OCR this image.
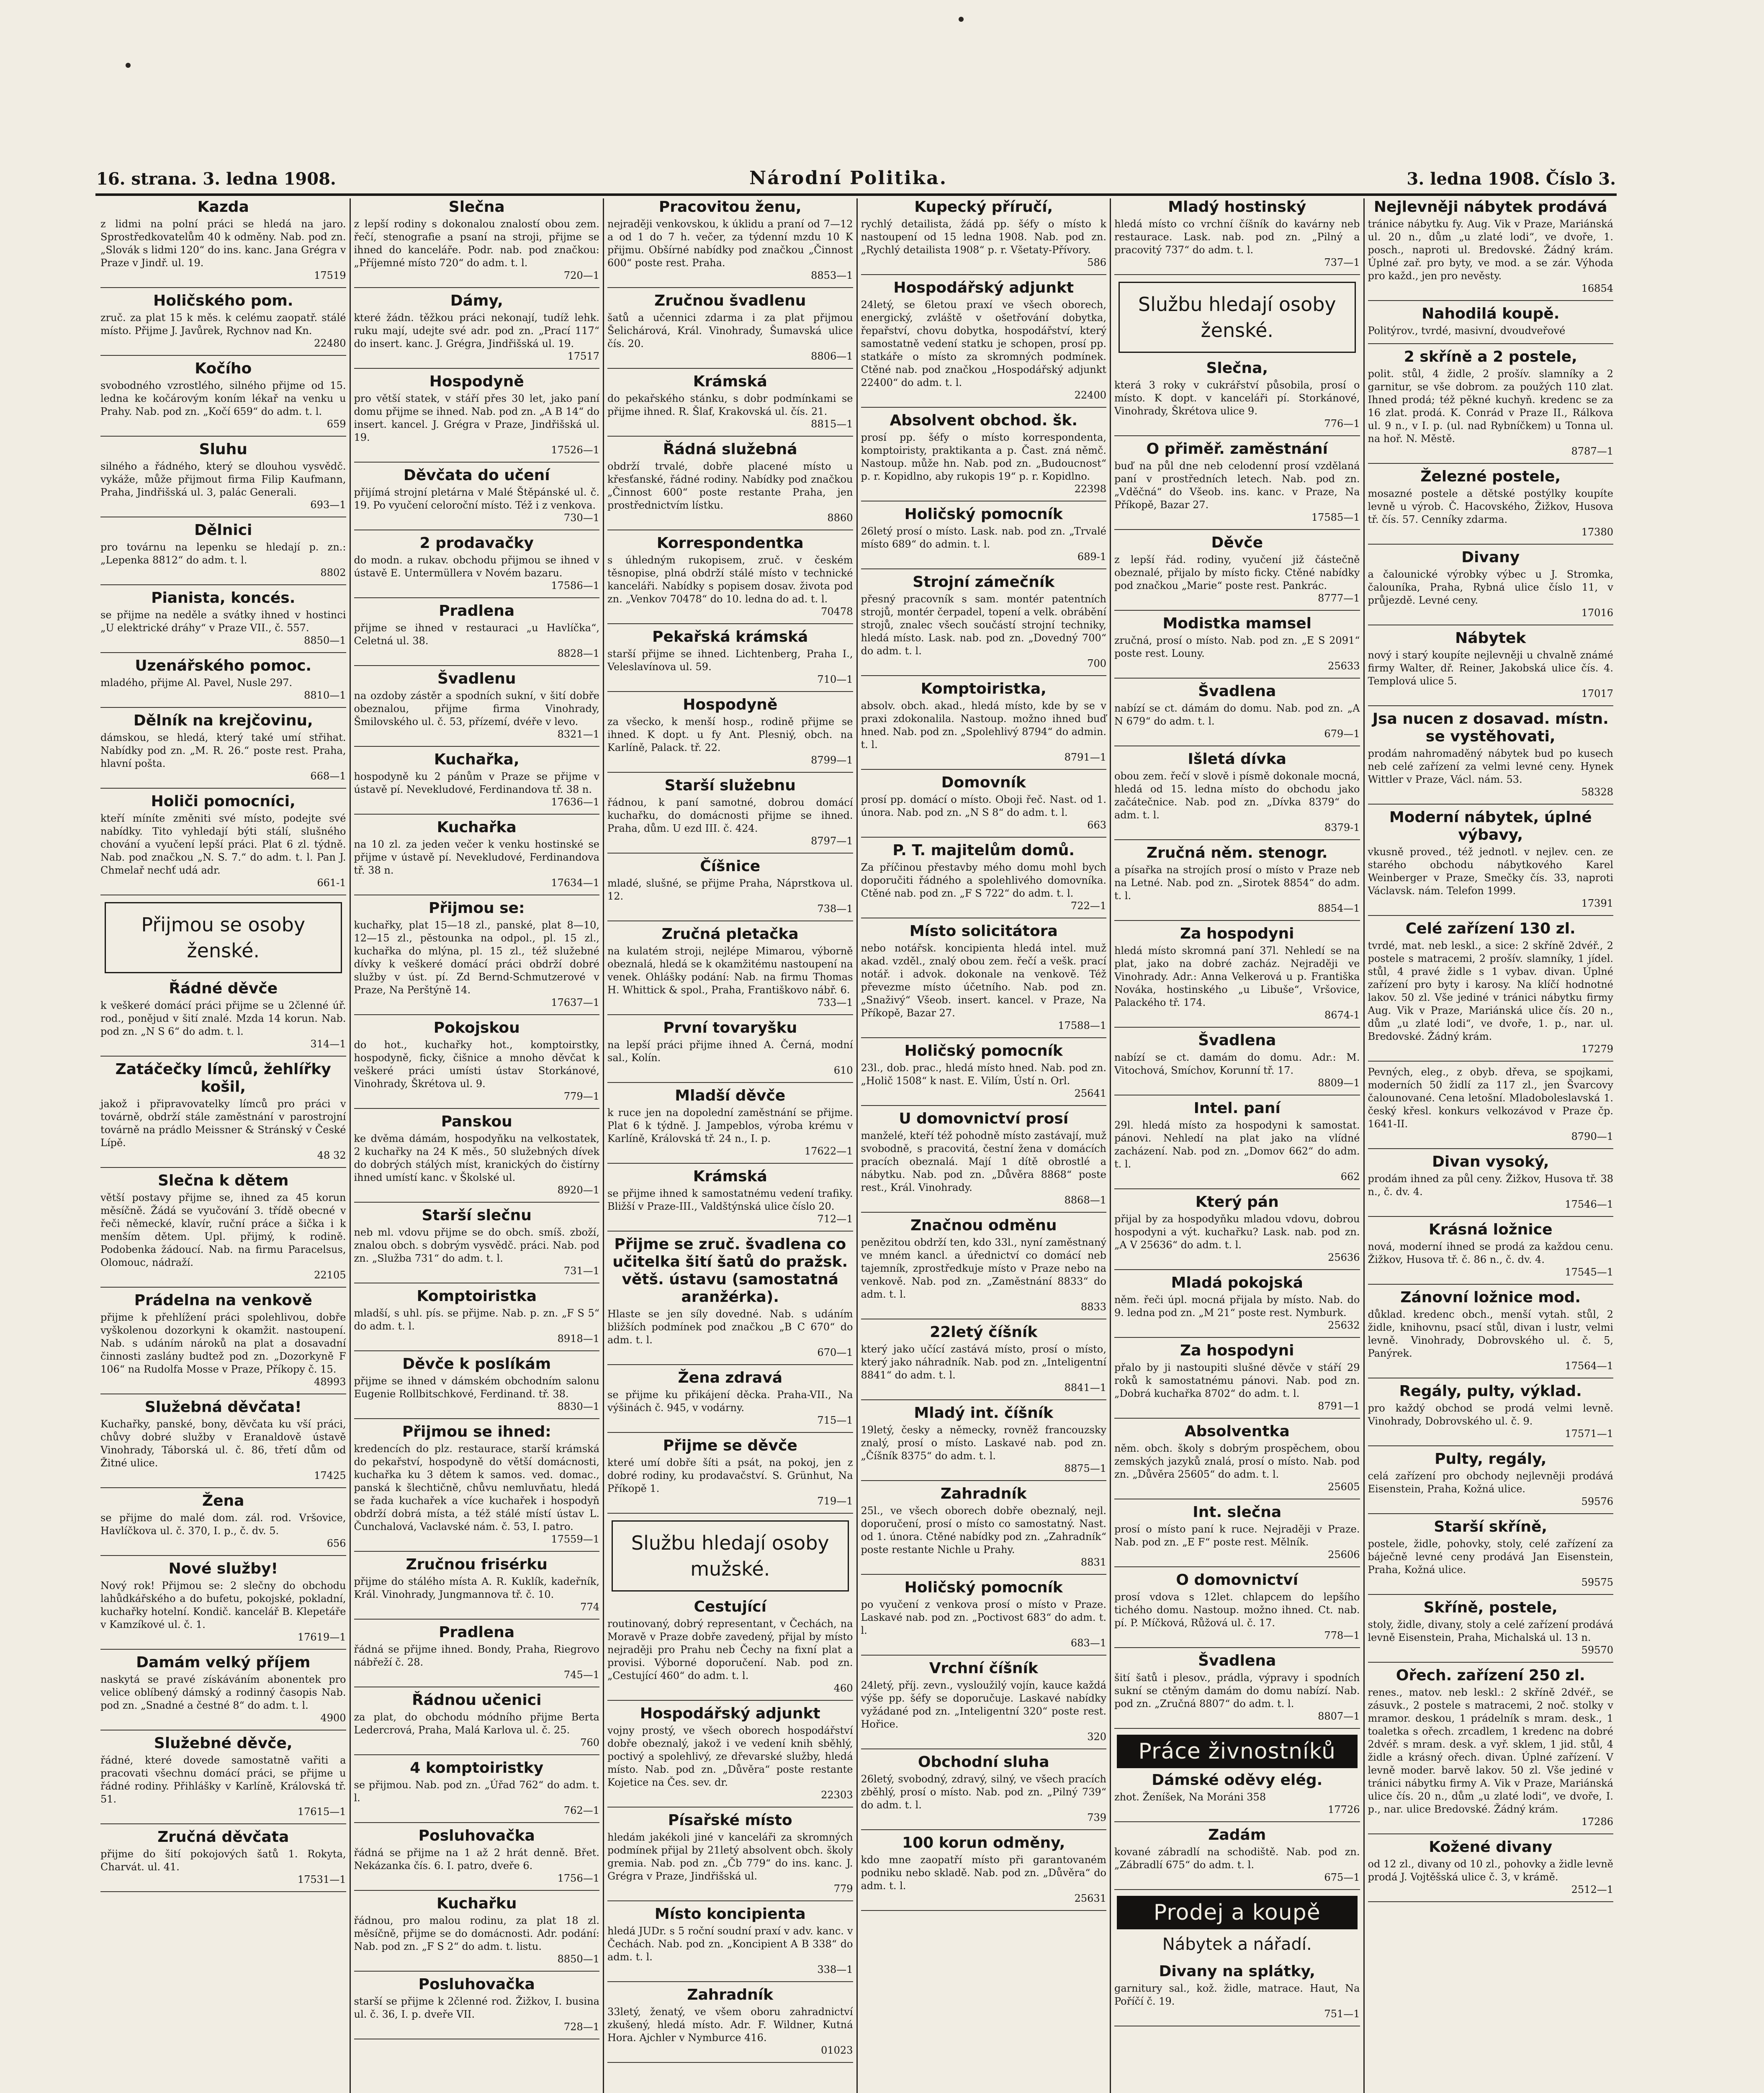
16. strana. 3. ledna 1908.	Národní Politika.	3. ledna 1908. Číslo 3.
Kazda

z lidmi na polní práci se hledá na jaro. Sprostředkovatelům 40 k odměny. Nab. pod zn. „Slovák s lidmi 120“ do ins. kanc. Jana Grégra v Praze v Jindř. ul. 19.

17519
Holičského pom.

zruč. za plat 15 k měs. k celému zaopatř. stálé místo. Přijme J. Javůrek, Rychnov nad Kn.

22480
Kočího

svobodného vzrostlého, silného přijme od 15. ledna ke kočárovým koním lékař na venku u Prahy. Nab. pod zn. „Kočí 659“ do adm. t. l.

659
Sluhu

silného a řádného, který se dlouhou vysvědč. vykáže, může přijmout firma Filip Kaufmann, Praha, Jindřišská ul. 3, palác Generali.

693—1
Dělnici

pro továrnu na lepenku se hledají p. zn.: „Lepenka 8812“ do adm. t. l.

8802
Pianista, koncés.

se přijme na neděle a svátky ihned v hostinci „U elektrické dráhy“ v Praze VII., č. 557.

8850—1
Uzenářského pomoc.

mladého, přijme Al. Pavel, Nusle 297.

8810—1
Dělník na krejčovinu,

dámskou, se hledá, který také umí střihat. Nabídky pod zn. „M. R. 26.“ poste rest. Praha, hlavní pošta.

668—1
Holiči pomocníci,

kteří míníte změniti své místo, podejte své nabídky. Tito vyhledají býti stálí, slušného chování a vyučení lepší práci. Plat 6 zl. týdně. Nab. pod značkou „N. S. 7.“ do adm. t. l. Pan J. Chmelař nechť udá adr.

661-1
Přijmou se osoby ženské.
Řádné děvče

k veškeré domácí práci přijme se u 2členné úř. rod., ponějud v šití znalé. Mzda 14 korun. Nab. pod zn. „N S 6“ do adm. t. l.

314—1
Zatáčečky límců, žehlířky košil,

jakož i připravovatelky límců pro práci v továrně, obdrží stále zaměstnání v parostrojní továrně na prádlo Meissner & Stránský v České Lípě.

48 32
Slečna k dětem

větší postavy přijme se, ihned za 45 korun měsíčně. Žádá se vyučování 3. třídě obecné v řeči německé, klavír, ruční práce a šička i k menším dětem. Upl. přijmý, k rodině. Podobenka žádoucí. Nab. na firmu Paracelsus, Olomouc, nádraží.

22105
Prádelna na venkově

přijme k přehlížení práci spolehlivou, dobře vyškolenou dozorkyni k okamžit. nastoupení. Nab. s udáním nároků na plat a dosavadní činnosti zaslány budtež pod zn. „Dozorkyně F 106“ na Rudolfa Mosse v Praze, Příkopy č. 15.

48993
Služebná děvčata!

Kuchařky, panské, bony, děvčata ku vší práci, chůvy dobré služby v Eranaldově ústavě Vinohrady, Táborská ul. č. 86, třetí dům od Žitné ulice.

17425
Žena

se přijme do malé dom. zál. rod. Vršovice, Havlíčkova ul. č. 370, I. p., č. dv. 5.

656
Nové služby!

Nový rok! Přijmou se: 2 slečny do obchodu lahůdkářského a do bufetu, pokojské, pokladní, kuchařky hotelní. Kondič. kancelář B. Klepetáře v Kamzíkové ul. č. 1.

17619—1
Damám velký příjem

naskytá se pravé získáváním abonentek pro velice oblíbený dámský a rodinný časopis Nab. pod zn. „Snadné a čestné 8“ do adm. t. l.

4900
Služebné děvče,

řádné, které dovede samostatně vařiti a pracovati všechnu domácí práci, se přijme u řádné rodiny. Přihlášky v Karlíně, Královská tř. 51.

17615—1
Zručná děvčata

přijme do šití pokojových šatů 1. Rokyta, Charvát. ul. 41.

17531—1
Slečna

z lepší rodiny s dokonalou znalostí obou zem. řečí, stenografie a psaní na stroji, přijme se ihned do kanceláře. Podr. nab. pod značkou: „Příjemné místo 720“ do adm. t. l.

720—1
Dámy,

které žádn. těžkou práci nekonají, tudíž lehk. ruku mají, udejte své adr. pod zn. „Prací 117“ do insert. kanc. J. Grégra, Jindřišská ul. 19.

17517
Hospodyně

pro větší statek, v stáří přes 30 let, jako paní domu přijme se ihned. Nab. pod zn. „A B 14“ do insert. kancel. J. Grégra v Praze, Jindřišská ul. 19.

17526—1
Děvčata do učení

přijímá strojní pletárna v Malé Štěpánské ul. č. 19. Po vyučení celoroční místo. Též i z venkova.

730—1
2 prodavačky

do modn. a rukav. obchodu přijmou se ihned v ústavě E. Untermüllera v Novém bazaru.

17586—1
Pradlena

přijme se ihned v restauraci „u Havlíčka“, Celetná ul. 38.

8828—1
Švadlenu

na ozdoby zástěr a spodních sukní, v šití dobře obeznalou, přijme firma Vinohrady, Šmilovského ul. č. 53, přízemí, dvéře v levo.

8321—1
Kuchařka,

hospodyně ku 2 pánům v Praze se přijme v ústavě pí. Nevekludové, Ferdinandova tř. 38 n.

17636—1
Kuchařka

na 10 zl. za jeden večer k venku hostinské se přijme v ústavě pí. Nevekludové, Ferdinandova tř. 38 n.

17634—1
Přijmou se:

kuchařky, plat 15—18 zl., panské, plat 8—10, 12—15 zl., pěstounka na odpol., pl. 15 zl., kuchařka do mlýna, pl. 15 zl., též služebné dívky k veškeré domácí práci obdrží dobré služby v úst. pí. Zd Bernd-Schmutzerové v Praze, Na Perštýně 14.

17637—1
Pokojskou

do hot., kuchařky hot., komptoirstky, hospodyně, ficky, čišnice a mnoho děvčat k veškeré práci umísti ústav Storkánové, Vinohrady, Škrétova ul. 9.

779—1
Panskou

ke dvěma dámám, hospodyňku na velkostatek, 2 kuchařky na 24 K měs., 50 služebných dívek do dobrých stálých míst, kranických do čistírny ihned umístí kanc. v Školské ul.

8920—1
Starší slečnu

neb ml. vdovu přijme se do obch. smíš. zboží, znalou obch. s dobrým vysvědč. práci. Nab. pod zn. „Služba 731“ do adm. t. l.

731—1
Komptoiristka

mladší, s uhl. pís. se přijme. Nab. p. zn. „F S 5“ do adm. t. l.

8918—1
Děvče k poslíkám

přijme se ihned v dámském obchodním salonu Eugenie Rollbitschkové, Ferdinand. tř. 38.

8830—1
Přijmou se ihned:

kredencích do plz. restaurace, starší krámská do pekařství, hospodyně do větší domácnosti, kuchařka ku 3 dětem k samos. ved. domac., panská k šlechtičně, chůvu nemluvňatu, hledá se řada kuchařek a více kuchařek i hospodyň obdrží dobrá místa, a též stálé místí ústav L. Čunchalová, Vaclavské nám. č. 53, I. patro.

17559—1
Zručnou frisérku

přijme do stálého místa A. R. Kuklík, kadeřník, Král. Vinohrady, Jungmannova tř. č. 10.

774
Pradlena

řádná se přijme ihned. Bondy, Praha, Riegrovo nábřeží č. 28.

745—1
Řádnou učenici

za plat, do obchodu módního přijme Berta Ledercrová, Praha, Malá Karlova ul. č. 25.

760
4 komptoiristky

se přijmou. Nab. pod zn. „Úřad 762“ do adm. t. l.

762—1
Posluhovačka

řádná se přijme na 1 až 2 hrát denně. Břet. Nekázanka čís. 6. I. patro, dveře 6.

1756—1
Kuchařku

řádnou, pro malou rodinu, za plat 18 zl. měsíčně, přijme se do domácnosti. Adr. podání: Nab. pod zn. „F S 2“ do adm. t. listu.

8850—1
Posluhovačka

starší se přijme k 2členné rod. Žižkov, I. busina ul. č. 36, I. p. dveře VII.

728—1
Pracovitou ženu,

nejraději venkovskou, k úklidu a praní od 7—12 a od 1 do 7 h. večer, za týdenní mzdu 10 K přijmu. Obšírné nabídky pod značkou „Činnost 600“ poste rest. Praha.

8853—1
Zručnou švadlenu

šatů a učennici zdarma i za plat přijmou Šelichárová, Král. Vinohrady, Šumavská ulice čís. 20.

8806—1
Krámská

do pekařského stánku, s dobr podmínkami se přijme ihned. R. Šlaf, Krakovská ul. čís. 21.

8815—1
Řádná služebná

obdrží trvalé, dobře placené místo u křesťanské, řádné rodiny. Nabídky pod značkou „Činnost 600“ poste restante Praha, jen prostřednictvím lístku.

8860
Korrespondentka

s úhledným rukopisem, zruč. v českém těsnopise, plná obdrží stálé místo v technické kanceláři. Nabídky s popisem dosav. života pod zn. „Venkov 70478“ do 10. ledna do ad. t. l.

70478
Pekařská krámská

starší přijme se ihned. Lichtenberg, Praha I., Veleslavínova ul. 59.

710—1
Hospodyně

za všecko, k menší hosp., rodině přijme se ihned. K dopt. u fy Ant. Plesniý, obch. na Karlíně, Palack. tř. 22.

8799—1
Starší služebnu

řádnou, k paní samotné, dobrou domácí kuchařku, do domácnosti přijme se ihned. Praha, dům. U ezd III. č. 424.

8797—1
Číšnice

mladé, slušné, se přijme Praha, Náprstkova ul. 12.

738—1
Zručná pletačka

na kulatém stroji, nejlépe Mimarou, výborně obeznalá, hledá se k okamžitému nastoupení na venek. Ohlášky podání: Nab. na firmu Thomas H. Whittick & spol., Praha, Františkovo nábř. 6.

733—1
První tovaryšku

na lepší práci přijme ihned A. Černá, modní sal., Kolín.

610
Mladší děvče

k ruce jen na dopolední zaměstnání se přijme. Plat 6 k týdně. J. Jampeblos, výroba krému v Karlíně, Královská tř. 24 n., I. p.

17622—1
Krámská

se přijme ihned k samostatnému vedení trafiky. Bližší v Praze-III., Valdštýnská ulice číslo 20.

712—1
Přijme se zruč. švadlena co učitelka šití šatů do pražsk. větš. ústavu (samostatná aranžérka).

Hlaste se jen síly dovedné. Nab. s udáním bližších podmínek pod značkou „B C 670“ do adm. t. l.

670—1
Žena zdravá

se přijme ku přikájení děcka. Praha-VII., Na výšinách č. 945, v vodárny.

715—1
Přijme se děvče

které umí dobře šíti a psát, na pokoj, jen z dobré rodiny, ku prodavačství. S. Grünhut, Na Příkopě 1.

719—1
Službu hledají osoby mužské.
Cestující

routinovaný, dobrý representant, v Čechách, na Moravě v Praze dobře zavedený, přijal by místo nejraději pro Prahu neb Čechy na fixní plat a provisi. Výborné doporučení. Nab. pod zn. „Cestující 460“ do adm. t. l.

460
Hospodářský adjunkt

vojny prostý, ve všech oborech hospodářství dobře obeznalý, jakož i ve vedení knih sběhlý, poctivý a spolehlivý, ze dřevarské služby, hledá místo. Nab. pod zn. „Důvěra“ poste restante Kojetice na Čes. sev. dr.

22303
Písařské místo

hledám jakékoli jiné v kanceláři za skromných podmínek přijal by 21letý absolvent obch. školy gremia. Nab. pod zn. „Čb 779“ do ins. kanc. J. Grégra v Praze, Jindřišská ul.

779
Místo koncipienta

hledá JUDr. s 5 roční soudní praxí v adv. kanc. v Čechách. Nab. pod zn. „Koncipient A B 338“ do adm. t. l.

338—1
Zahradník

33letý, ženatý, ve všem oboru zahradnictví zkušený, hledá místo. Adr. F. Wildner, Kutná Hora. Ajchler v Nymburce 416.

01023
Kupecký příručí,

rychlý detailista, žádá pp. šéfy o místo k nastoupení od 15 ledna 1908. Nab. pod zn. „Rychlý detailista 1908“ p. r. Všetaty-Přívory.

586
Hospodářský adjunkt

24letý, se 6letou praxí ve všech oborech, energický, zvláště v ošetřování dobytka, řepařství, chovu dobytka, hospodářství, který samostatně vedení statku je schopen, prosí pp. statkáře o místo za skromných podmínek. Ctěné nab. pod značkou „Hospodářský adjunkt 22400“ do adm. t. l.

22400
Absolvent obchod. šk.

prosí pp. šéfy o místo korrespondenta, komptoiristy, praktikanta a p. Čast. zná němč. Nastoup. může hn. Nab. pod zn. „Budoucnost“ p. r. Kopidlno, aby rukopis 19“ p. r. Kopidlno.

22398
Holičský pomocník

26letý prosí o místo. Lask. nab. pod zn. „Trvalé místo 689“ do admin. t. l.

689-1
Strojní zámečník

přesný pracovník s sam. montér patentních strojů, montér čerpadel, topení a velk. obrábění strojů, znalec všech součástí strojní techniky, hledá místo. Lask. nab. pod zn. „Dovedný 700“ do adm. t. l.

700
Komptoiristka,

absolv. obch. akad., hledá místo, kde by se v praxi zdokonalila. Nastoup. možno ihned buď hned. Nab. pod zn. „Spolehlivý 8794“ do admin. t. l.

8791—1
Domovník

prosí pp. domácí o místo. Oboji řeč. Nast. od 1. února. Nab. pod zn. „N S 8“ do adm. t. l.

663
P. T. majitelům domů.

Za příčinou přestavby mého domu mohl bych doporučiti řádného a spolehlivého domovníka. Ctěné nab. pod zn. „F S 722“ do adm. t. l.

722—1
Místo solicitátora

nebo notářsk. koncipienta hledá intel. muž akad. vzděl., znalý obou zem. řečí a vešk. prací notář. i advok. dokonale na venkově. Též převezme místo účetního. Nab. pod zn. „Snaživý“ Všeob. insert. kancel. v Praze, Na Příkopě, Bazar 27.

17588—1
Holičský pomocník

23l., dob. prac., hledá místo hned. Nab. pod zn. „Holič 1508“ k nast. E. Vilím, Ústí n. Orl.

25641
U domovnictví prosí

manželé, kteří též pohodně místo zastávají, muž svobodně, s pracovitá, čestní žena v domácích pracích obeznalá. Mají 1 dítě obrostlé a nábytku. Nab. pod zn. „Důvěra 8868“ poste rest., Král. Vinohrady.

8868—1
Značnou odměnu

penězitou obdrží ten, kdo 33l., nyní zaměstnaný ve mném kancl. a úřednictví co domácí neb tajemník, zprostředkuje místo v Praze nebo na venkově. Nab. pod zn. „Zaměstnání 8833“ do adm. t. l.

8833
22letý číšník

který jako učící zastává místo, prosí o místo, který jako náhradník. Nab. pod zn. „Inteligentní 8841“ do adm. t. l.

8841—1
Mladý int. číšník

19letý, česky a německy, rovněž francouzsky znalý, prosí o místo. Laskavé nab. pod zn. „Číšník 8375“ do adm. t. l.

8875—1
Zahradník

25l., ve všech oborech dobře obeznalý, nejl. doporučení, prosí o místo co samostatný. Nast. od 1. února. Ctěné nabídky pod zn. „Zahradník“ poste restante Nichle u Prahy.

8831
Holičský pomocník

po vyučení z venkova prosí o místo v Praze. Laskavé nab. pod zn. „Poctivost 683“ do adm. t. l.

683—1
Vrchní číšník

24letý, příj. zevn., vysloužilý vojín, kauce každá výše pp. šéfy se doporučuje. Laskavé nabídky vyžádané pod zn. „Inteligentní 320“ poste rest. Hořice.

320
Obchodní sluha

26letý, svobodný, zdravý, silný, ve všech pracích zběhlý, prosí o místo. Nab. pod zn. „Pilný 739“ do adm. t. l.

739
100 korun odměny,

kdo mne zaopatří místo při garantovaném podniku nebo skladě. Nab. pod zn. „Důvěra“ do adm. t. l.

25631
Mladý hostinský

hledá místo co vrchní číšník do kavárny neb restaurace. Lask. nab. pod zn. „Pilný a pracovitý 737“ do adm. t. l.

737—1
Službu hledají osoby ženské.
Slečna,

která 3 roky v cukrářství působila, prosí o místo. K dopt. v kanceláři pí. Storkánové, Vinohrady, Škrétova ulice 9.

776—1
O přiměř. zaměstnání

buď na půl dne neb celodenní prosí vzdělaná paní v prostředních letech. Nab. pod zn. „Vděčná“ do Všeob. ins. kanc. v Praze, Na Příkopě, Bazar 27.

17585—1
Děvče

z lepší řád. rodiny, vyučení již částečně obeznalé, přijalo by místo ficky. Ctěné nabídky pod značkou „Marie“ poste rest. Pankrác.

8777—1
Modistka mamsel

zručná, prosí o místo. Nab. pod zn. „E S 2091“ poste rest. Louny.

25633
Švadlena

nabízí se ct. dámám do domu. Nab. pod zn. „A N 679“ do adm. t. l.

679—1
Išletá dívka

obou zem. řečí v slově i písmě dokonale mocná, hledá od 15. ledna místo do obchodu jako začátečnice. Nab. pod zn. „Dívka 8379“ do adm. t. l.

8379-1
Zručná něm. stenogr.

a písařka na strojích prosí o místo v Praze neb na Letné. Nab. pod zn. „Sirotek 8854“ do adm. t. l.

8854—1
Za hospodyni

hledá místo skromná paní 37l. Nehledí se na plat, jako na dobré zacház. Nejraději ve Vinohrady. Adr.: Anna Velkerová u p. Františka Nováka, hostinského „u Libuše“, Vršovice, Palackého tř. 174.

8674-1
Švadlena

nabízí se ct. damám do domu. Adr.: M. Vitochová, Smíchov, Korunní tř. 17.

8809—1
Intel. paní

29l. hledá místo za hospodyni k samostat. pánovi. Nehledí na plat jako na vlídné zacházení. Nab. pod zn. „Domov 662“ do adm. t. l.

662
Který pán

přijal by za hospodyňku mladou vdovu, dobrou hospodyni a výt. kuchařku? Lask. nab. pod zn. „A V 25636“ do adm. t. l.

25636
Mladá pokojská

něm. řeči úpl. mocná přijala by místo. Nab. do 9. ledna pod zn. „M 21“ poste rest. Nymburk.

25632
Za hospodyni

přalo by ji nastoupiti slušné děvče v stáří 29 roků k samostatnému pánovi. Nab. pod zn. „Dobrá kuchařka 8702“ do adm. t. l.

8791—1
Absolventka

něm. obch. školy s dobrým prospěchem, obou zemských jazyků znalá, prosí o místo. Nab. pod zn. „Důvěra 25605“ do adm. t. l.

25605
Int. slečna

prosí o místo paní k ruce. Nejraději v Praze. Nab. pod zn. „E F“ poste rest. Mělník.

25606
O domovnictví

prosí vdova s 12let. chlapcem do lepšího tichého domu. Nastoup. možno ihned. Ct. nab. pí. P. Míčková, Růžová ul. č. 17.

778—1
Švadlena

šití šatů i plesov., prádla, výpravy i spodních sukní se ctěným damám do domu nabízí. Nab. pod zn. „Zručná 8807“ do adm. t. l.

8807—1
Práce živnostníků
Dámské oděvy elég.

zhot. Ženíšek, Na Moráni 358

17726
Zadám

kované zábradlí na schodiště. Nab. pod zn. „Zábradlí 675“ do adm. t. l.

675—1
Prodej a koupě
Nábytek a nářadí.
Divany na splátky,

garnitury sal., kož. židle, matrace. Haut, Na Poříčí č. 19.

751—1
Nejlevněji nábytek prodává

tránice nábytku fy. Aug. Vik v Praze, Mariánská ul. 20 n., dům „u zlaté lodi“, ve dvoře, 1. posch., naproti ul. Bredovské. Žádný krám. Úplné zař. pro byty, ve mod. a se zár. Výhoda pro každ., jen pro nevěsty.

16854
Nahodilá koupě.

Politýrov., tvrdé, masivní, dvoudveřové

2 skříně a 2 postele,

polit. stůl, 4 židle, 2 prošív. slamníky a 2 garnitur, se vše dobrom. za použých 110 zlat. Ihned prodá; též pěkné kuchyň. kredenc se za 16 zlat. prodá. K. Conrád v Praze II., Rálkova ul. 9 n., v I. p. (ul. nad Rybníčkem) u Tonna ul. na hoř. N. Městě.

8787—1
Železné postele,

mosazné postele a dětské postýlky koupíte levně u výrob. Č. Hacovského, Žižkov, Husova tř. čís. 57. Cenníky zdarma.

17380
Divany

a čalounické výrobky výbec u J. Stromka, čalouníka, Praha, Rybná ulice číslo 11, v průjezdě. Levné ceny.

17016
Nábytek

nový i starý koupíte nejlevněji u chvalně známé firmy Walter, dř. Reiner, Jakobská ulice čís. 4. Templová ulice 5.

17017
Jsa nucen z dosavad. místn. se vystěhovati,

prodám nahromaděný nábytek bud po kusech neb celé zařízení za velmi levné ceny. Hynek Wittler v Praze, Václ. nám. 53.

58328
Moderní nábytek, úplné výbavy,

vkusně proved., též jednotl. v nejlev. cen. ze starého obchodu nábytkového Karel Weinberger v Praze, Smečky čís. 33, naproti Václavsk. nám. Telefon 1999.

17391
Celé zařízení 130 zl.

tvrdé, mat. neb leskl., a sice: 2 skříně 2dvéř., 2 postele s matracemi, 2 prošív. slamníky, 1 jídel. stůl, 4 pravé židle s 1 vybav. divan. Úplné zařízení pro byty i karosy. Na klíčí hodnotné lakov. 50 zl. Vše jediné v tránici nábytku firmy Aug. Vik v Praze, Mariánská ulice čís. 20 n., dům „u zlaté lodi“, ve dvoře, 1. p., nar. ul. Bredovské. Žádný krám.

17279

Pevných, eleg., z obyb. dřeva, se spojkami, moderních 50 židlí za 117 zl., jen Švarcovy čalounované. Cena letošní. Mladoboleslavská 1. český křesl. konkurs velkozávod v Praze čp. 1641-II.

8790—1
Divan vysoký,

prodám ihned za půl ceny. Žižkov, Husova tř. 38 n., č. dv. 4.

17546—1
Krásná ložnice

nová, moderní ihned se prodá za každou cenu. Žižkov, Husova tř. č. 86 n., č. dv. 4.

17545—1
Zánovní ložnice mod.

důklad. kredenc obch., menší vytah. stůl, 2 židle, knihovnu, psací stůl, divan i lustr, velmi levně. Vinohrady, Dobrovského ul. č. 5, Panýrek.

17564—1
Regály, pulty, výklad.

pro každý obchod se prodá velmi levně. Vinohrady, Dobrovského ul. č. 9.

17571—1
Pulty, regály,

celá zařízení pro obchody nejlevněji prodává Eisenstein, Praha, Kožná ulice.

59576
Starší skříně,

postele, židle, pohovky, stoly, celé zařízení za báječně levné ceny prodává Jan Eisenstein, Praha, Kožná ulice.

59575
Skříně, postele,

stoly, židle, divany, stoly a celé zařízení prodává levně Eisenstein, Praha, Michalská ul. 13 n.

59570
Ořech. zařízení 250 zl.

renes., matov. neb leskl.: 2 skříně 2dvéř., se zásuvk., 2 postele s matracemi, 2 noč. stolky v mramor. deskou, 1 prádelník s mram. desk., 1 toaletka s ořech. zrcadlem, 1 kredenc na dobré 2dvéř. s mram. desk. a vyř. sklem, 1 jid. stůl, 4 židle a krásný ořech. divan. Úplné zařízení. V levně moder. barvě lakov. 50 zl. Vše jediné v tránici nábytku firmy A. Vik v Praze, Mariánská ulice čís. 20 n., dům „u zlaté lodi“, ve dvoře, I. p., nar. ulice Bredovské. Žádný krám.

17286
Kožené divany

od 12 zl., divany od 10 zl., pohovky a židle levně prodá J. Vojtěšská ulice č. 3, v krámě.

2512—1
